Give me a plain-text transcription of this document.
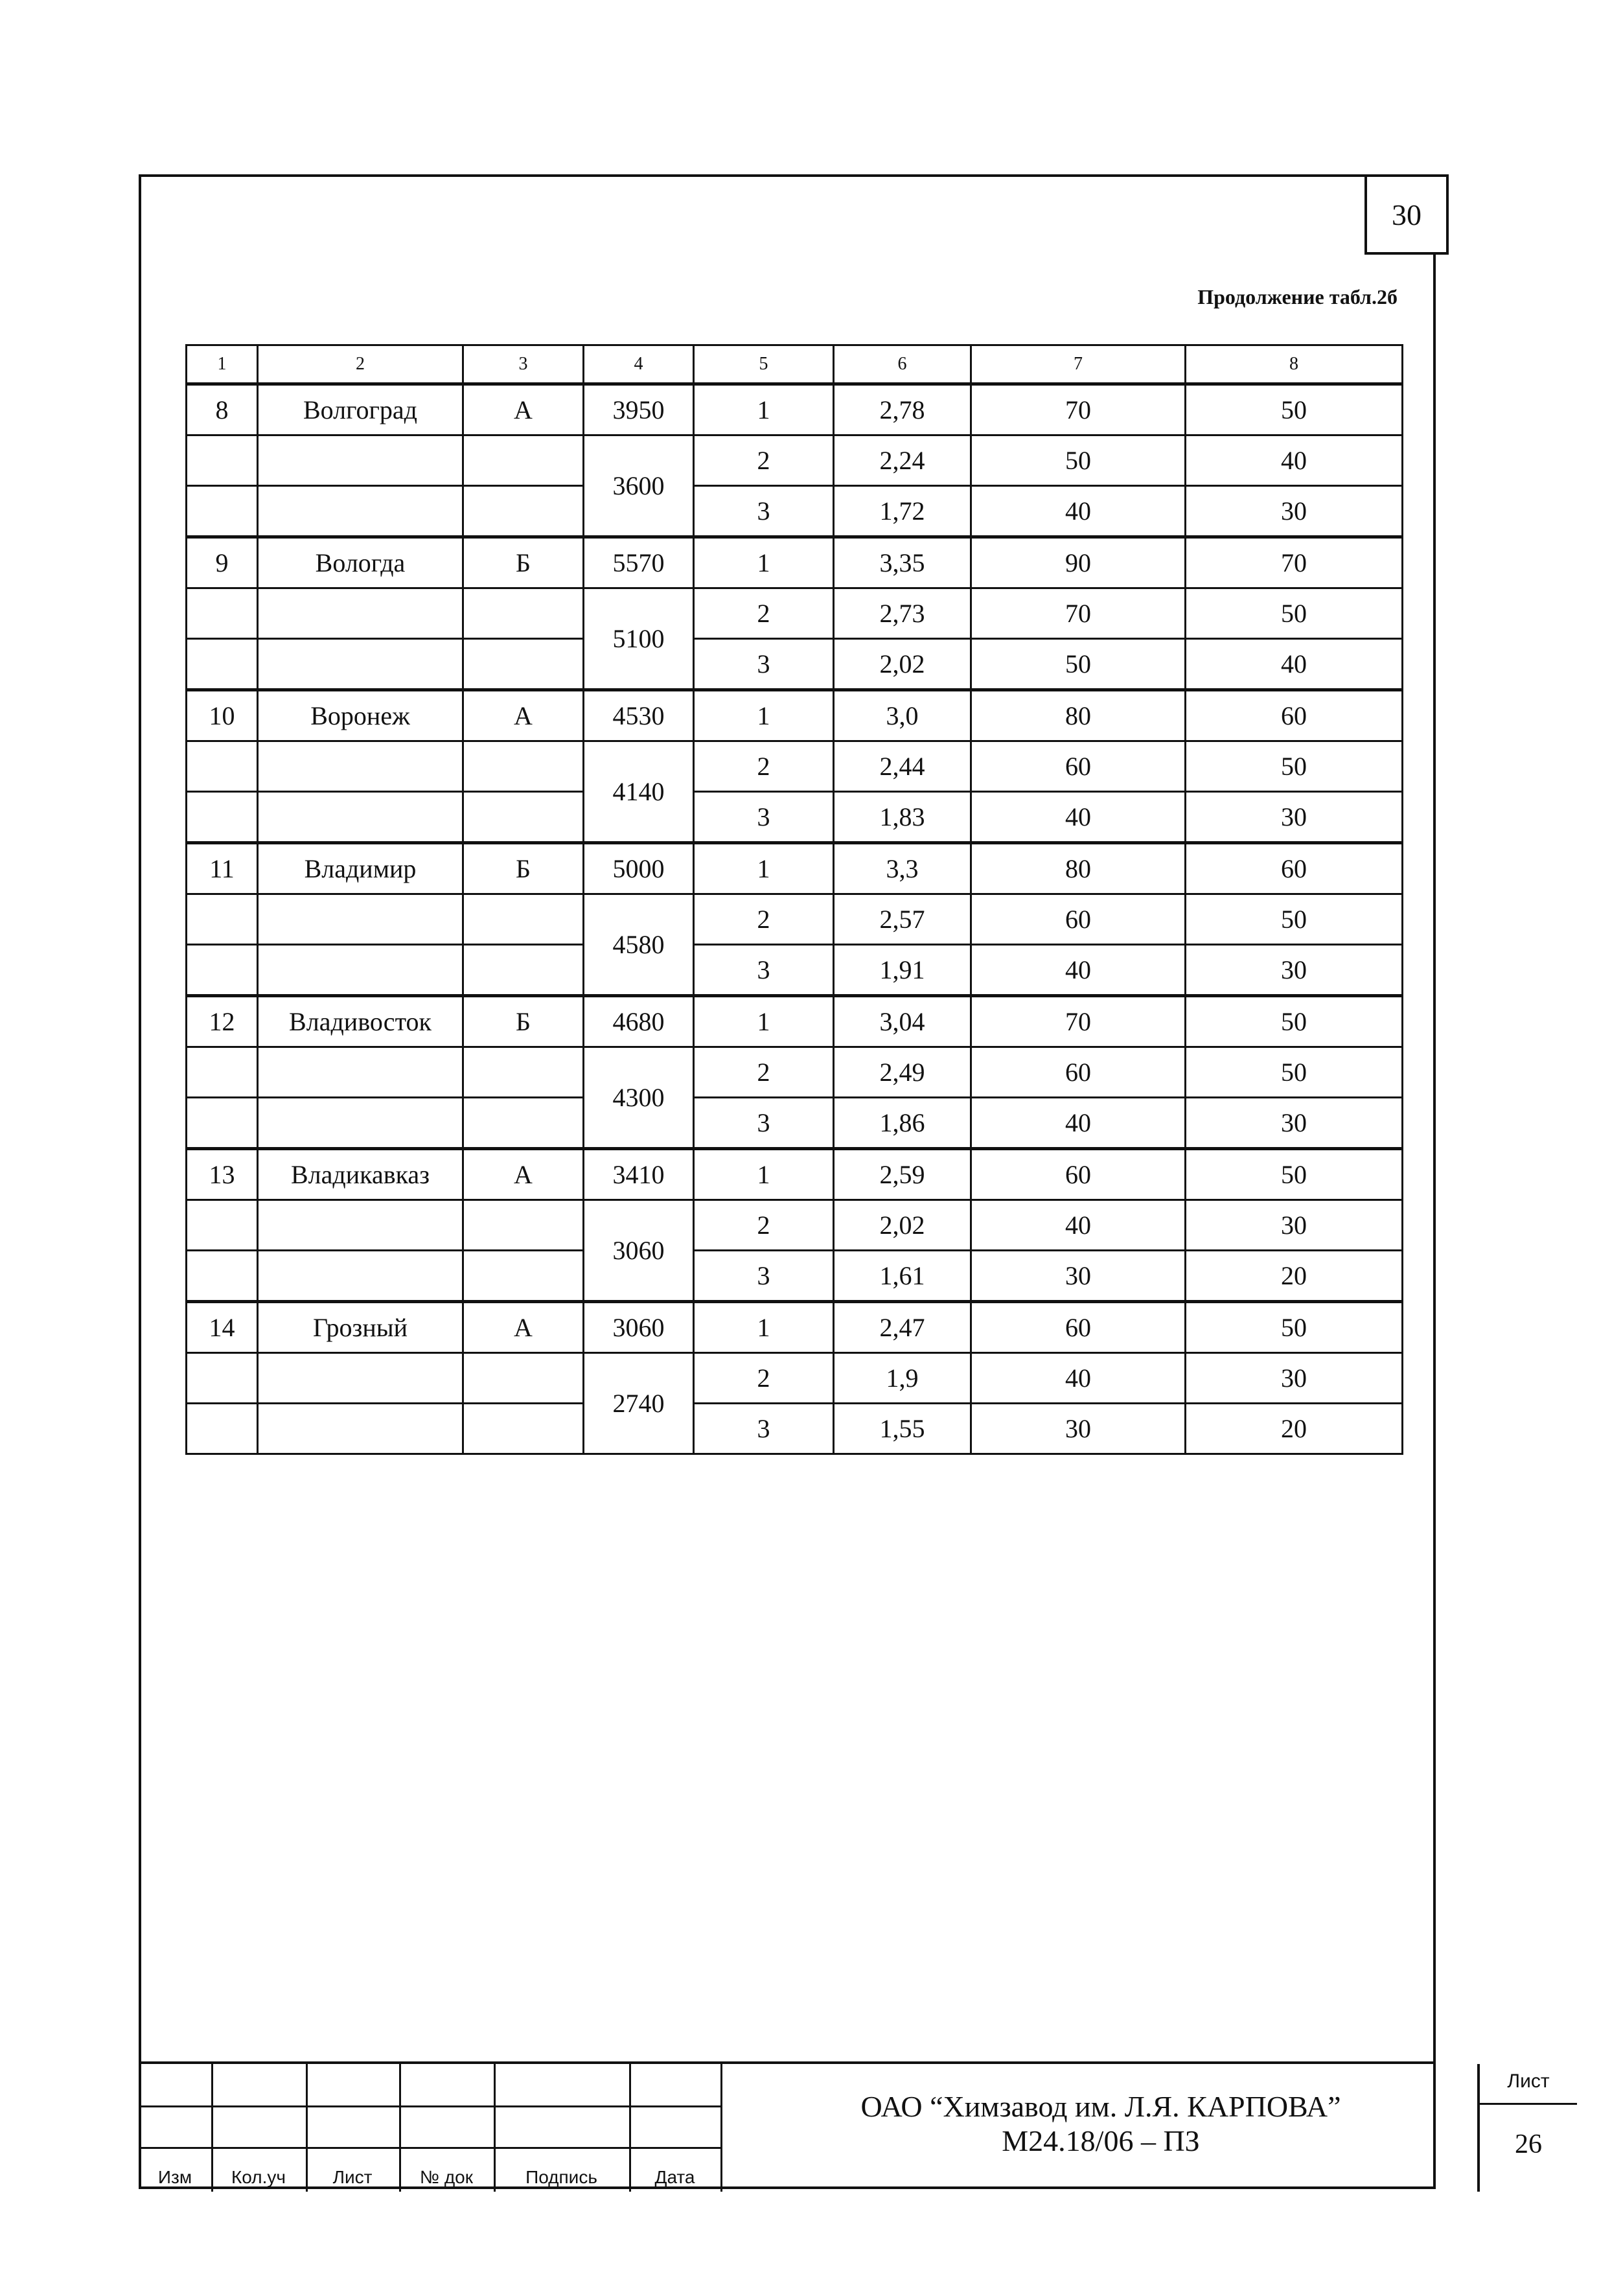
30
Продолжение табл.2б
1	2	3	4	5	6	7	8
8	Волгоград	А	3950	1	2,78	70	50
			3600	2	2,24	50	40
				3	1,72	40	30
9	Вологда	Б	5570	1	3,35	90	70
			5100	2	2,73	70	50
				3	2,02	50	40
10	Воронеж	А	4530	1	3,0	80	60
			4140	2	2,44	60	50
				3	1,83	40	30
11	Владимир	Б	5000	1	3,3	80	60
			4580	2	2,57	60	50
				3	1,91	40	30
12	Владивосток	Б	4680	1	3,04	70	50
			4300	2	2,49	60	50
				3	1,86	40	30
13	Владикавказ	А	3410	1	2,59	60	50
			3060	2	2,02	40	30
				3	1,61	30	20
14	Грозный	А	3060	1	2,47	60	50
			2740	2	1,9	40	30
				3	1,55	30	20
Изм	Кол.уч	Лист	№ док	Подпись	Дата
ОАО “Химзавод им. Л.Я. КАРПОВА”
М24.18/06 – ПЗ
Лист
26
